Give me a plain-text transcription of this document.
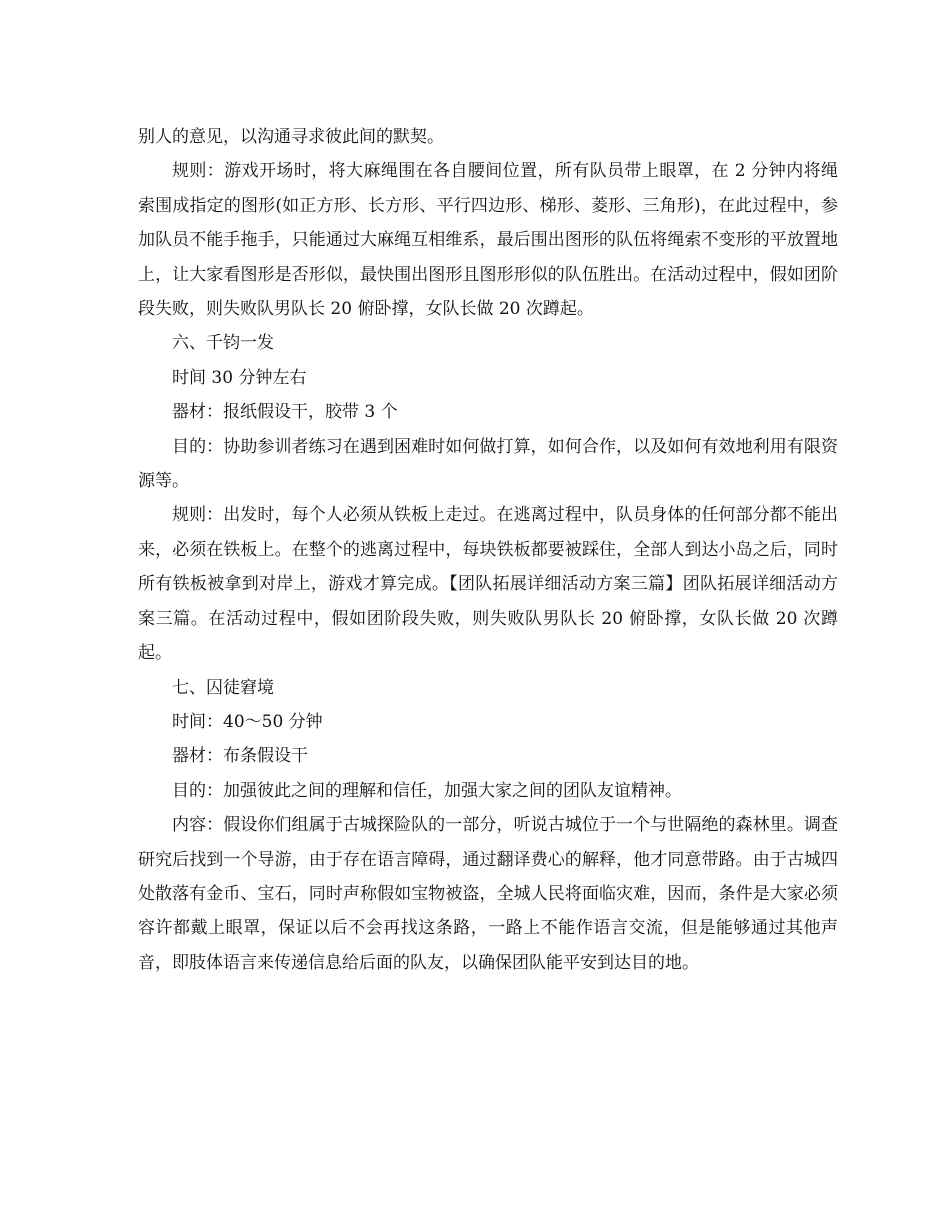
别人的意见，以沟通寻求彼此间的默契。

规则：游戏开场时，将大麻绳围在各自腰间位置，所有队员带上眼罩，在 2 分钟内将绳索围成指定的图形(如正方形、长方形、平行四边形、梯形、菱形、三角形)，在此过程中，参加队员不能手拖手，只能通过大麻绳互相维系，最后围出图形的队伍将绳索不变形的平放置地上，让大家看图形是否形似，最快围出图形且图形形似的队伍胜出。在活动过程中，假如团阶段失败，则失败队男队长 20 俯卧撑，女队长做 20 次蹲起。

六、千钧一发

时间 30 分钟左右

器材：报纸假设干，胶带 3 个

目的：协助参训者练习在遇到困难时如何做打算，如何合作，以及如何有效地利用有限资源等。

规则：出发时，每个人必须从铁板上走过。在逃离过程中，队员身体的任何部分都不能出来，必须在铁板上。在整个的逃离过程中，每块铁板都要被踩住，全部人到达小岛之后，同时所有铁板被拿到对岸上，游戏才算完成。【团队拓展详细活动方案三篇】团队拓展详细活动方案三篇。在活动过程中，假如团阶段失败，则失败队男队长 20 俯卧撑，女队长做 20 次蹲起。

七、囚徒窘境

时间：40～50 分钟

器材：布条假设干

目的：加强彼此之间的理解和信任，加强大家之间的团队友谊精神。

内容：假设你们组属于古城探险队的一部分，听说古城位于一个与世隔绝的森林里。调查研究后找到一个导游，由于存在语言障碍，通过翻译费心的解释，他才同意带路。由于古城四处散落有金币、宝石，同时声称假如宝物被盗，全城人民将面临灾难，因而，条件是大家必须容许都戴上眼罩，保证以后不会再找这条路，一路上不能作语言交流，但是能够通过其他声音，即肢体语言来传递信息给后面的队友，以确保团队能平安到达目的地。
